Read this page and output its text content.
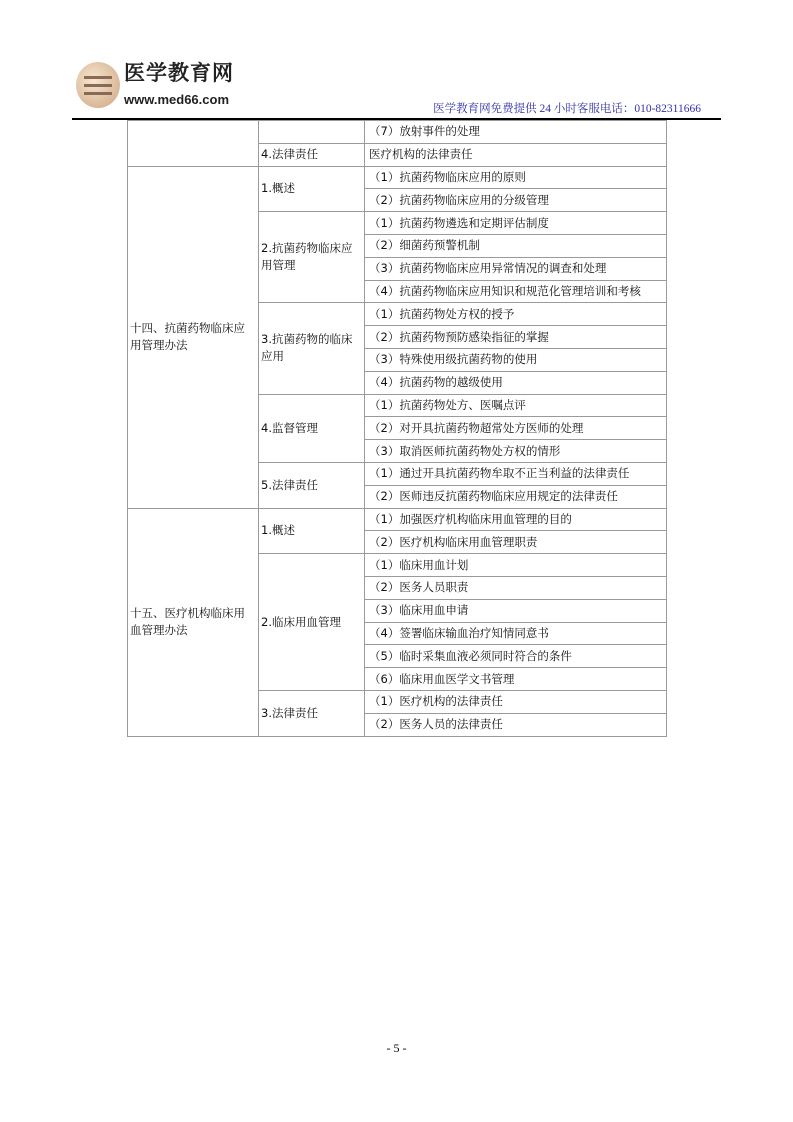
医学教育网
www.med66.com
医学教育网免费提供 24 小时客服电话：010-82311666
		（7）放射事件的处理
	4.法律责任	医疗机构的法律责任
十四、抗菌药物临床应用管理办法	1.概述	（1）抗菌药物临床应用的原则
		（2）抗菌药物临床应用的分级管理
	2.抗菌药物临床应用管理	（1）抗菌药物遴选和定期评估制度
		（2）细菌药预警机制
		（3）抗菌药物临床应用异常情况的调查和处理
		（4）抗菌药物临床应用知识和规范化管理培训和考核
	3.抗菌药物的临床应用	（1）抗菌药物处方权的授予
		（2）抗菌药物预防感染指征的掌握
		（3）特殊使用级抗菌药物的使用
		（4）抗菌药物的越级使用
	4.监督管理	（1）抗菌药物处方、医嘱点评
		（2）对开具抗菌药物超常处方医师的处理
		（3）取消医师抗菌药物处方权的情形
	5.法律责任	（1）通过开具抗菌药物牟取不正当利益的法律责任
		（2）医师违反抗菌药物临床应用规定的法律责任
十五、医疗机构临床用血管理办法	1.概述	（1）加强医疗机构临床用血管理的目的
		（2）医疗机构临床用血管理职责
	2.临床用血管理	（1）临床用血计划
		（2）医务人员职责
		（3）临床用血申请
		（4）签署临床输血治疗知情同意书
		（5）临时采集血液必须同时符合的条件
		（6）临床用血医学文书管理
	3.法律责任	（1）医疗机构的法律责任
		（2）医务人员的法律责任
- 5 -
